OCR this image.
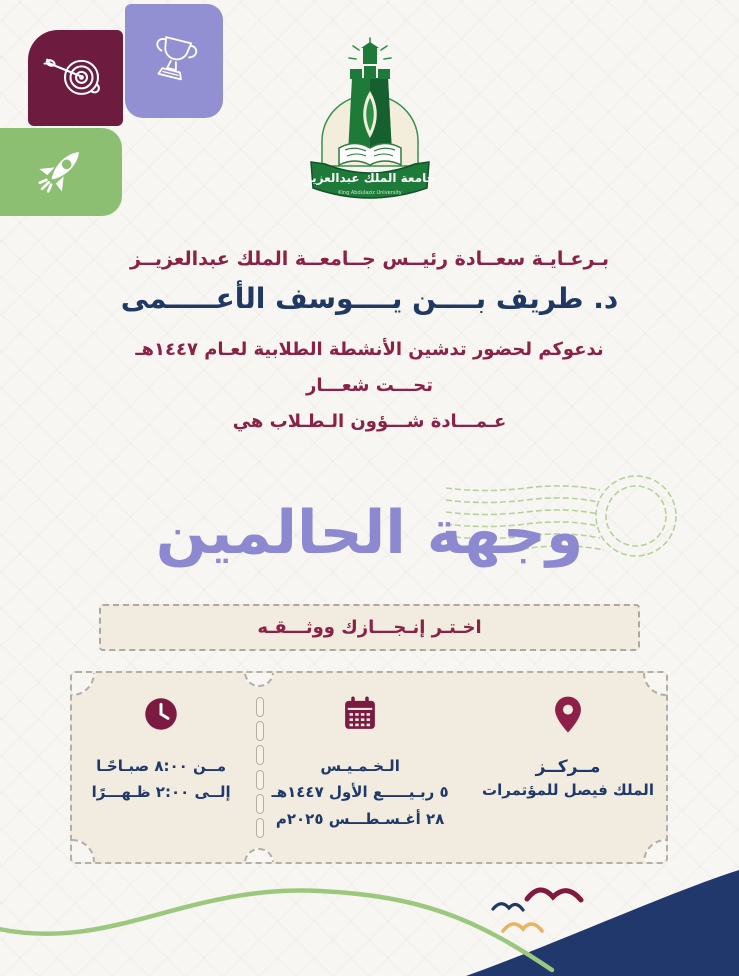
جامعة الملك عبدالعزيز
King Abdulaziz University
بـرعـايـة سعــادة رئيــس جــامعــة الملك عبدالعزيــز
د. طريف بــــن يــــوسف الأعـــــمى
ندعوكم لحضور تدشين الأنشطة الطلابية لعـام ١٤٤٧هـ
تحـــت شعـــار
عـمـــادة شـــؤون الـطـلاب هي
وجهة الحالمين
اخـتـر إنـجـــازك ووثـــقـه
مــركــز
الملك فيصل للمؤتمرات
الـخـمـيـس
٥ ربـيـــــع الأول ١٤٤٧هـ
٢٨ أغـسـطـــس ٢٠٢٥م
مــن ٨:٠٠ صبـاحًـا
إلــى ٢:٠٠ ظـهـــرًا
